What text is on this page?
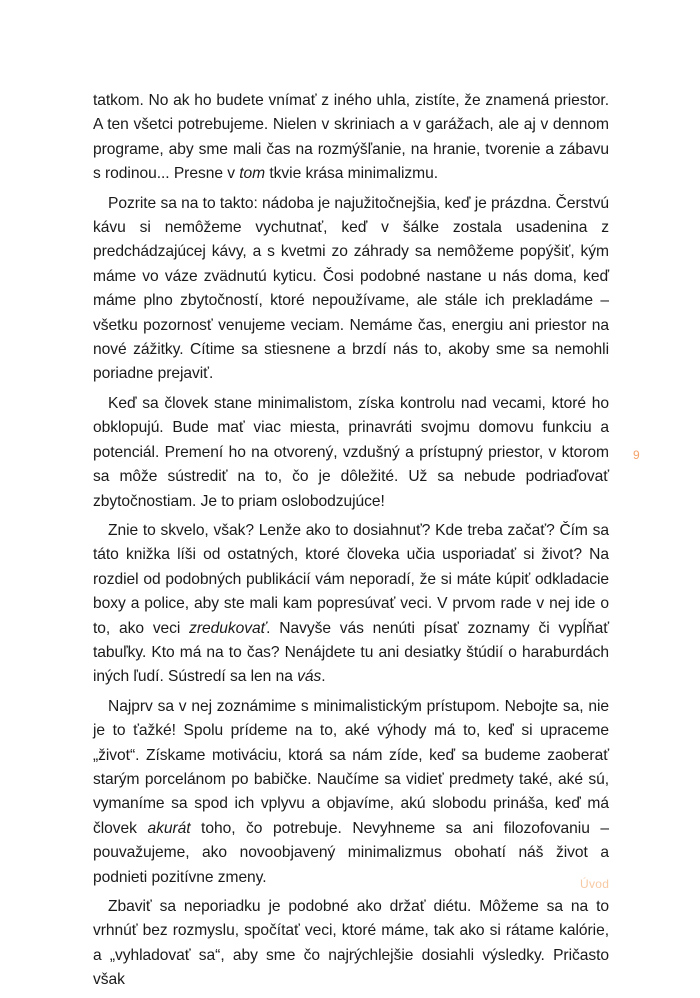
tatkom. No ak ho budete vnímať z iného uhla, zistíte, že znamená priestor. A ten všetci potrebujeme. Nielen v skriniach a v garážach, ale aj v dennom programe, aby sme mali čas na rozmýšľanie, na hranie, tvorenie a zábavu s rodinou... Presne v tom tkvie krása minimalizmu.

Pozrite sa na to takto: nádoba je najužitočnejšia, keď je prázdna. Čerstvú kávu si nemôžeme vychutnať, keď v šálke zostala usadenina z predchádzajúcej kávy, a s kvetmi zo záhrady sa nemôžeme popýšiť, kým máme vo váze zvädnutú kyticu. Čosi podobné nastane u nás doma, keď máme plno zbytočností, ktoré nepoužívame, ale stále ich prekladáme – všetku pozornosť venujeme veciam. Nemáme čas, energiu ani priestor na nové zážitky. Cítime sa stiesnene a brzdí nás to, akoby sme sa nemohli poriadne prejaviť.

Keď sa človek stane minimalistom, získa kontrolu nad vecami, ktoré ho obklopujú. Bude mať viac miesta, prinavráti svojmu domovu funkciu a potenciál. Premení ho na otvorený, vzdušný a prístupný priestor, v ktorom sa môže sústrediť na to, čo je dôležité. Už sa nebude podriaďovať zbytočnostiam. Je to priam oslobodzujúce!

Znie to skvelo, však? Lenže ako to dosiahnuť? Kde treba začať? Čím sa táto knižka líši od ostatných, ktoré človeka učia usporiadať si život? Na rozdiel od podobných publikácií vám neporadí, že si máte kúpiť odkladacie boxy a police, aby ste mali kam popresúvať veci. V prvom rade v nej ide o to, ako veci zredukovať. Navyše vás nenúti písať zoznamy či vypĺňať tabuľky. Kto má na to čas? Nenájdete tu ani desiatky štúdií o haraburdách iných ľudí. Sústredí sa len na vás.

Najprv sa v nej zoznámime s minimalistickým prístupom. Nebojte sa, nie je to ťažké! Spolu prídeme na to, aké výhody má to, keď si upraceme „život“. Získame motiváciu, ktorá sa nám zíde, keď sa budeme zaoberať starým porcelánom po babičke. Naučíme sa vidieť predmety také, aké sú, vymaníme sa spod ich vplyvu a objavíme, akú slobodu prináša, keď má človek akurát toho, čo potrebuje. Nevyhneme sa ani filozofovaniu – pouvažujeme, ako novoobjavený minimalizmus obohatí náš život a podnieti pozitívne zmeny.

Zbaviť sa neporiadku je podobné ako držať diétu. Môžeme sa na to vrhnúť bez rozmyslu, spočítať veci, ktoré máme, tak ako si rátame kalórie, a „vyhladovať sa“, aby sme čo najrýchlejšie dosiahli výsledky. Pričasto však

9
Úvod
